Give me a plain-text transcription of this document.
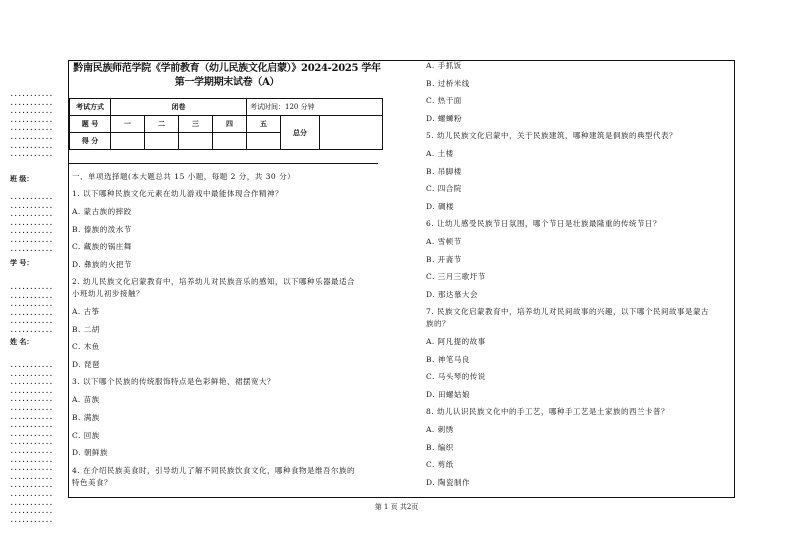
...........
...........
...........
...........
...........
...........
...........
...........
班 级：
...........
...........
...........
...........
...........
...........
...........
学 号：
...........
...........
...........
...........
...........
...........
姓 名：
...........
...........
...........
...........
...........
...........
...........
...........
...........
...........
...........
...........
...........
...........
...........
...........
...........
...........
...........
黔南民族师范学院《学前教育（幼儿民族文化启蒙）》2024-2025 学年
第一学期期末试卷（A）
考试方式	闭卷				考试时间：120 分钟		
题 号	一	二	三	四	五	总分	
得 分							
一、单项选择题(本大题总共 15 小题，每题 2 分，共 30 分）
1. 以下哪种民族文化元素在幼儿游戏中最能体现合作精神？
A. 蒙古族的摔跤
B. 傣族的泼水节
C. 藏族的锅庄舞
D. 彝族的火把节
2. 幼儿民族文化启蒙教育中，培养幼儿对民族音乐的感知，以下哪种乐器最适合
小班幼儿初步接触？
A. 古筝
B. 二胡
C. 木鱼
D. 琵琶
3. 以下哪个民族的传统服饰特点是色彩鲜艳、裙摆宽大？
A. 苗族
B. 满族
C. 回族
D. 朝鲜族
4. 在介绍民族美食时，引导幼儿了解不同民族饮食文化，哪种食物是维吾尔族的
特色美食？
A. 手抓饭
B. 过桥米线
C. 热干面
D. 螺蛳粉
5. 幼儿民族文化启蒙中，关于民族建筑，哪种建筑是侗族的典型代表？
A. 土楼
B. 吊脚楼
C. 四合院
D. 碉楼
6. 让幼儿感受民族节日氛围，哪个节日是壮族最隆重的传统节日？
A. 雪顿节
B. 开斋节
C. 三月三歌圩节
D. 那达慕大会
7. 民族文化启蒙教育中，培养幼儿对民间故事的兴趣，以下哪个民间故事是蒙古
族的？
A. 阿凡提的故事
B. 神笔马良
C. 马头琴的传说
D. 田螺姑娘
8. 幼儿认识民族文化中的手工艺，哪种手工艺是土家族的西兰卡普？
A. 刺绣
B. 编织
C. 剪纸
D. 陶瓷制作
第 1 页 共2页
